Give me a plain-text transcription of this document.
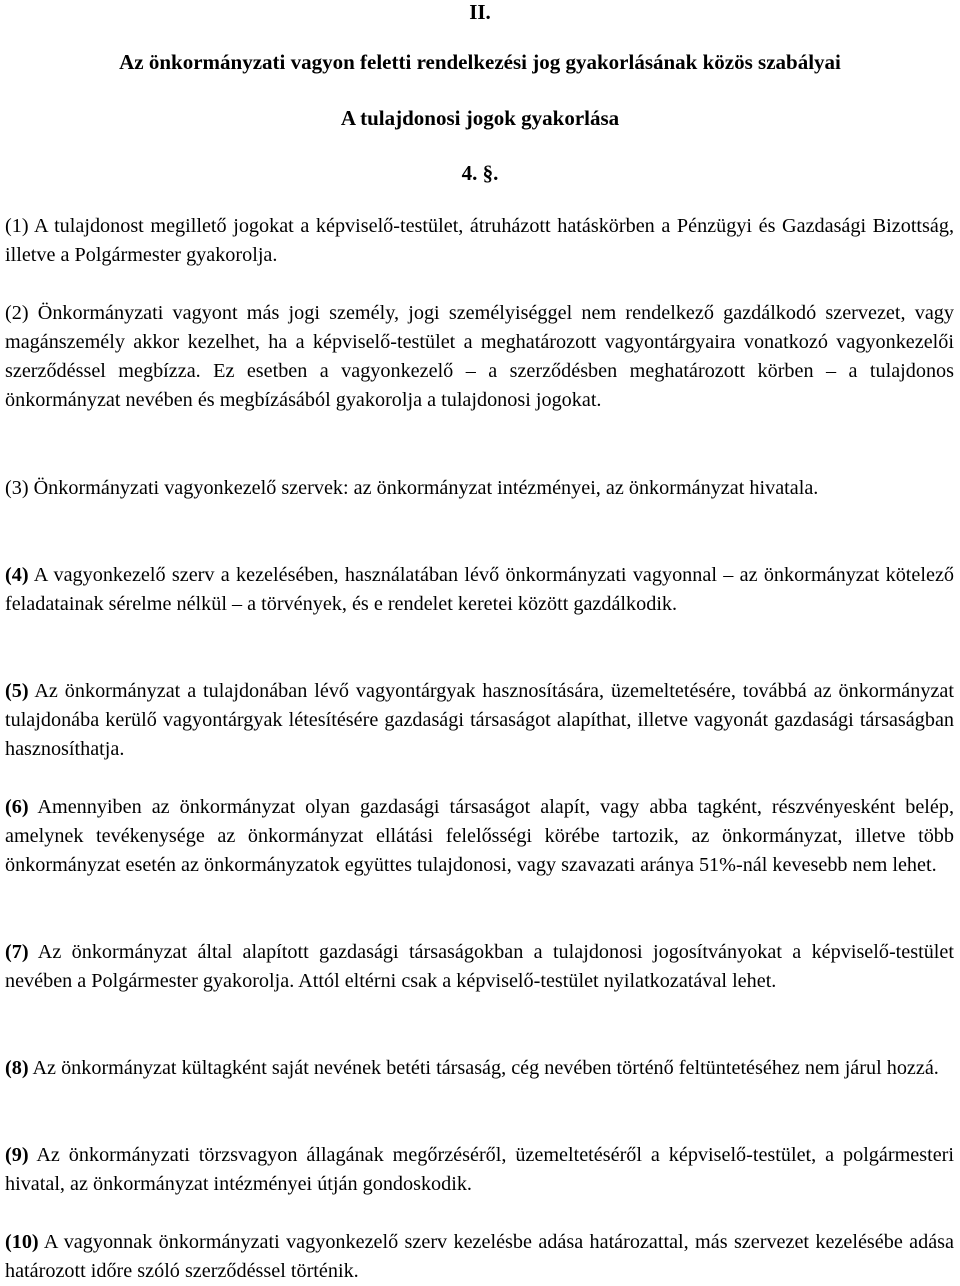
II.
Az önkormányzati vagyon feletti rendelkezési jog gyakorlásának közös szabályai
A tulajdonosi jogok gyakorlása
4. §.

(1) A tulajdonost megillető jogokat a képviselő-testület, átruházott hatáskörben a Pénzügyi és Gazdasági Bizottság, illetve a Polgármester gyakorolja.

(2) Önkormányzati vagyont más jogi személy, jogi személyiséggel nem rendelkező gazdálkodó szervezet, vagy magánszemély akkor kezelhet, ha a képviselő-testület a meghatározott vagyontárgyaira vonatkozó vagyonkezelői szerződéssel megbízza. Ez esetben a vagyonkezelő – a szerződésben meghatározott körben – a tulajdonos önkormányzat nevében és megbízásából gyakorolja a tulajdonosi jogokat.

(3) Önkormányzati vagyonkezelő szervek: az önkormányzat intézményei, az önkormányzat hivatala.

(4) A vagyonkezelő szerv a kezelésében, használatában lévő önkormányzati vagyonnal – az önkormányzat kötelező feladatainak sérelme nélkül – a törvények, és e rendelet keretei között gazdálkodik.

(5) Az önkormányzat a tulajdonában lévő vagyontárgyak hasznosítására, üzemeltetésére, továbbá az önkormányzat tulajdonába kerülő vagyontárgyak létesítésére gazdasági társaságot alapíthat, illetve vagyonát gazdasági társaságban hasznosíthatja.

(6) Amennyiben az önkormányzat olyan gazdasági társaságot alapít, vagy abba tagként, részvényesként belép, amelynek tevékenysége az önkormányzat ellátási felelősségi körébe tartozik, az önkormányzat, illetve több önkormányzat esetén az önkormányzatok együttes tulajdonosi, vagy szavazati aránya 51%-nál kevesebb nem lehet.

(7) Az önkormányzat által alapított gazdasági társaságokban a tulajdonosi jogosítványokat a képviselő-testület nevében a Polgármester gyakorolja. Attól eltérni csak a képviselő-testület nyilatkozatával lehet.

(8) Az önkormányzat kültagként saját nevének betéti társaság, cég nevében történő feltüntetéséhez nem járul hozzá.

(9) Az önkormányzati törzsvagyon állagának megőrzéséről, üzemeltetéséről a képviselő-testület, a polgármesteri hivatal, az önkormányzat intézményei útján gondoskodik.

(10) A vagyonnak önkormányzati vagyonkezelő szerv kezelésbe adása határozattal, más szervezet kezelésébe adása határozott időre szóló szerződéssel történik.
